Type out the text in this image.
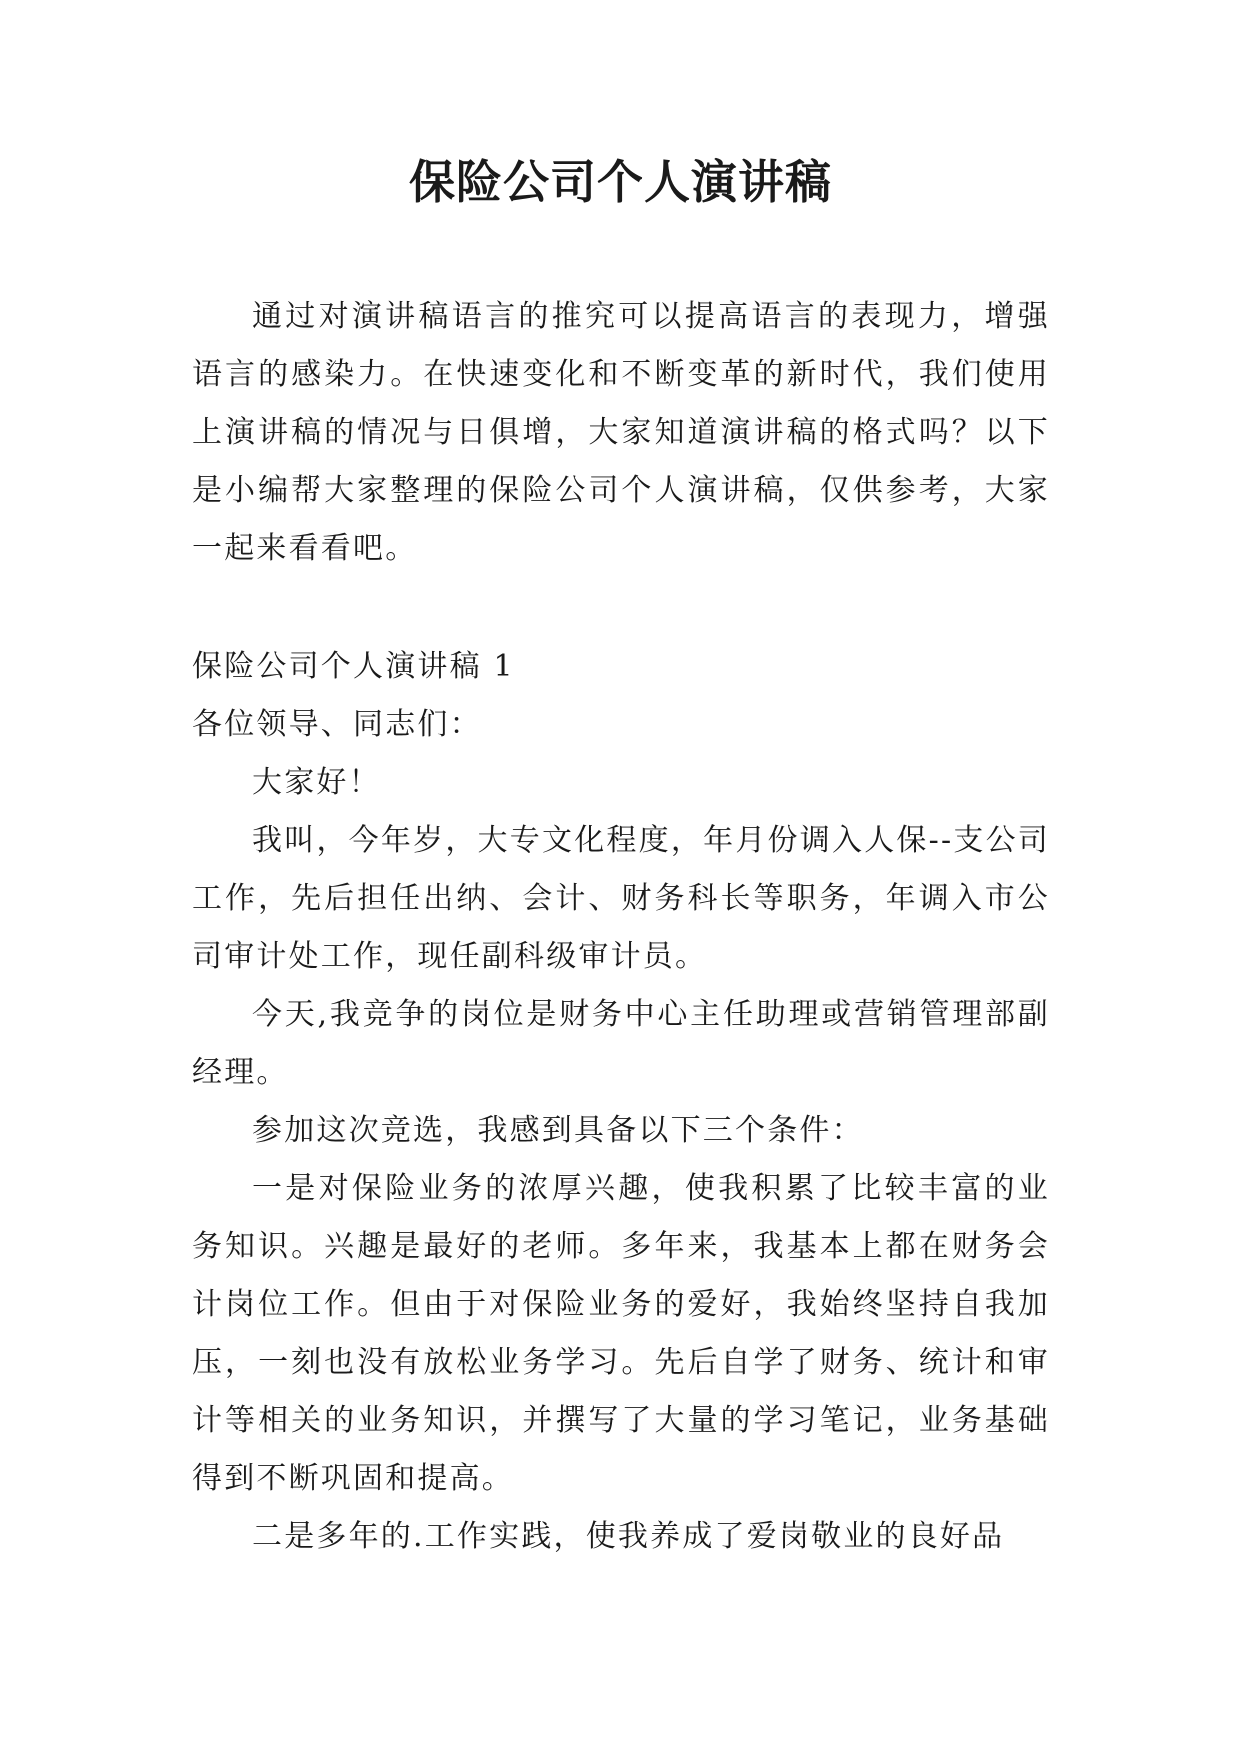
保险公司个人演讲稿

通过对演讲稿语言的推究可以提高语言的表现力，增强语言的感染力。在快速变化和不断变革的新时代，我们使用上演讲稿的情况与日俱增，大家知道演讲稿的格式吗？以下是小编帮大家整理的保险公司个人演讲稿，仅供参考，大家一起来看看吧。

保险公司个人演讲稿 1

各位领导、同志们：

大家好！

我叫，今年岁，大专文化程度，年月份调入人保--支公司工作，先后担任出纳、会计、财务科长等职务，年调入市公司审计处工作，现任副科级审计员。

今天,我竞争的岗位是财务中心主任助理或营销管理部副经理。

参加这次竞选，我感到具备以下三个条件：

一是对保险业务的浓厚兴趣，使我积累了比较丰富的业务知识。兴趣是最好的老师。多年来，我基本上都在财务会计岗位工作。但由于对保险业务的爱好，我始终坚持自我加压，一刻也没有放松业务学习。先后自学了财务、统计和审计等相关的业务知识，并撰写了大量的学习笔记，业务基础得到不断巩固和提高。

二是多年的.工作实践，使我养成了爱岗敬业的良好品
